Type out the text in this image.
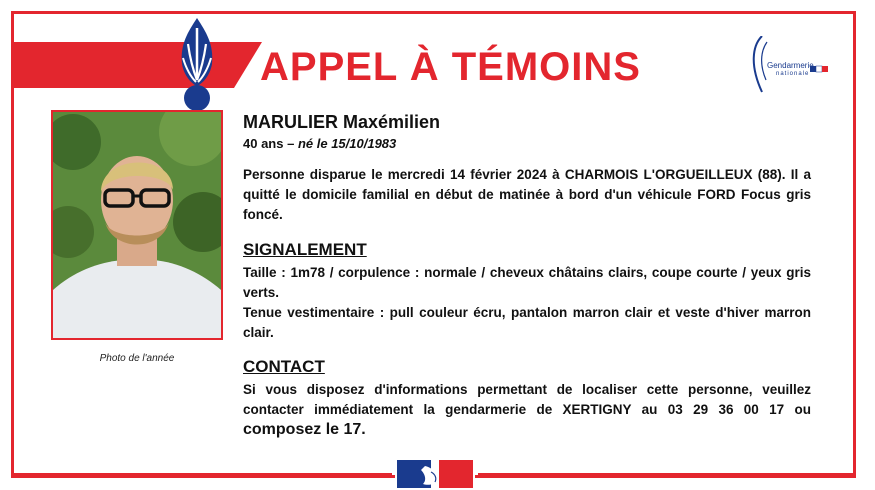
APPEL À TÉMOINS	Gendarmerie
nationale
Photo de l'année
MARULIER Maxémilien
40 ans – né le 15/10/1983
Personne disparue le mercredi 14 février 2024 à CHARMOIS L'ORGUEILLEUX (88). Il a quitté le domicile familial en début de matinée à bord d'un véhicule FORD Focus gris foncé.
SIGNALEMENT
Taille : 1m78 / corpulence : normale / cheveux châtains clairs, coupe courte / yeux gris verts.
Tenue vestimentaire : pull couleur écru, pantalon marron clair et veste d'hiver marron clair.
CONTACT
Si vous disposez d'informations permettant de localiser cette personne, veuillez contacter immédiatement la gendarmerie de XERTIGNY au 03 29 36 00 17 ou composez le 17.
